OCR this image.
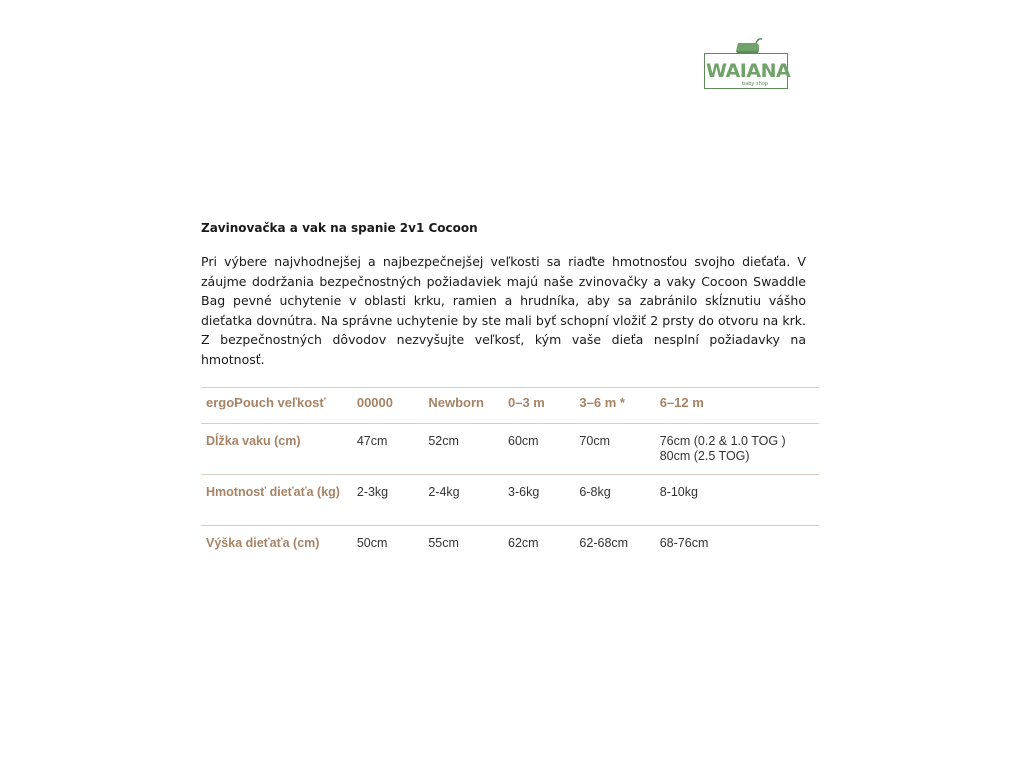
WAIANA
baby shop
Zavinovačka a vak na spanie 2v1 Cocoon

Pri výbere najvhodnejšej a najbezpečnejšej veľkosti sa riaďte hmotnosťou svojho dieťaťa. V záujme dodržania bezpečnostných požiadaviek majú naše zvinovačky a vaky Cocoon Swaddle Bag pevné uchytenie v oblasti krku, ramien a hrudníka, aby sa zabránilo skĺznutiu vášho dieťatka dovnútra. Na správne uchytenie by ste mali byť schopní vložiť 2 prsty do otvoru na krk. Z bezpečnostných dôvodov nezvyšujte veľkosť, kým vaše dieťa nesplní požiadavky na hmotnosť.

ergoPouch veľkosť	00000	Newborn	0–3 m	3–6 m *	6–12 m
Dĺžka vaku (cm)	47cm	52cm	60cm	70cm	76cm (0.2 & 1.0 TOG )
80cm (2.5 TOG)
Hmotnosť dieťaťa (kg)	2-3kg	2-4kg	3-6kg	6-8kg	8-10kg
Výška dieťaťa (cm)	50cm	55cm	62cm	62-68cm	68-76cm
